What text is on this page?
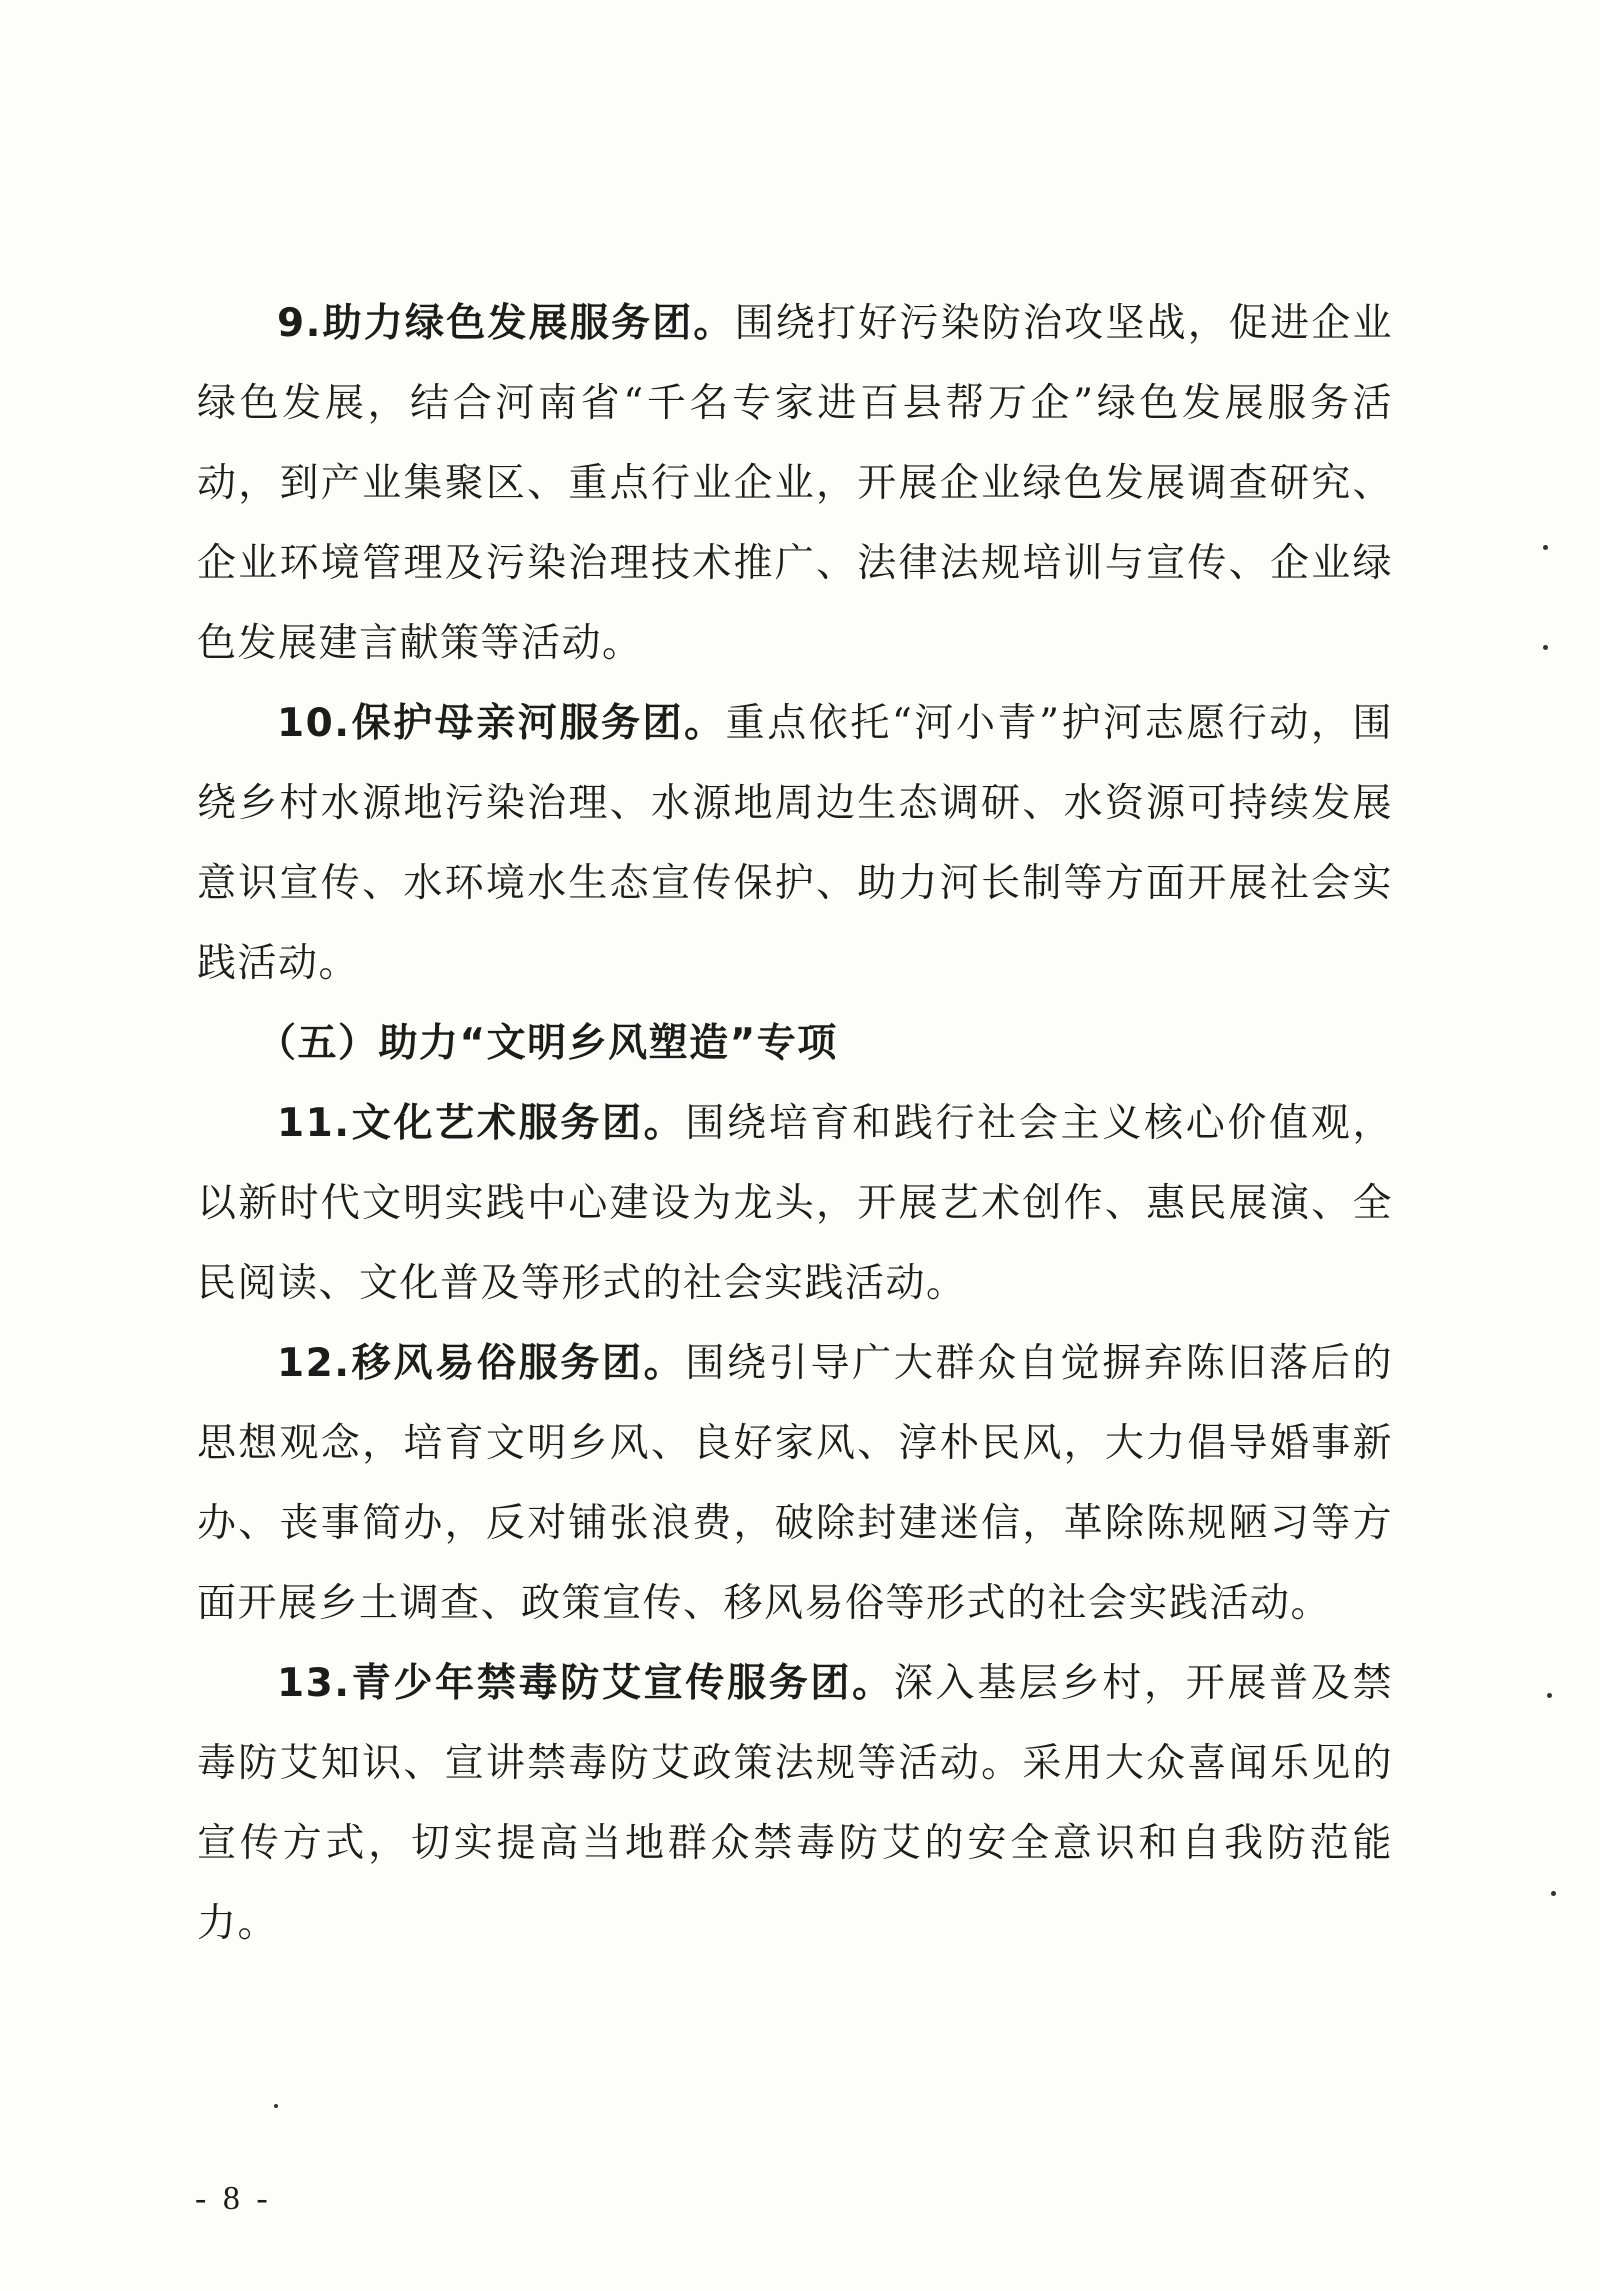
9.助力绿色发展服务团。围绕打好污染防治攻坚战，促进企业绿色发展，结合河南省“千名专家进百县帮万企”绿色发展服务活动，到产业集聚区、重点行业企业，开展企业绿色发展调查研究、企业环境管理及污染治理技术推广、法律法规培训与宣传、企业绿色发展建言献策等活动。

10.保护母亲河服务团。重点依托“河小青”护河志愿行动，围绕乡村水源地污染治理、水源地周边生态调研、水资源可持续发展意识宣传、水环境水生态宣传保护、助力河长制等方面开展社会实践活动。

（五）助力“文明乡风塑造”专项

11.文化艺术服务团。围绕培育和践行社会主义核心价值观，以新时代文明实践中心建设为龙头，开展艺术创作、惠民展演、全民阅读、文化普及等形式的社会实践活动。

12.移风易俗服务团。围绕引导广大群众自觉摒弃陈旧落后的思想观念，培育文明乡风、良好家风、淳朴民风，大力倡导婚事新办、丧事简办，反对铺张浪费，破除封建迷信，革除陈规陋习等方面开展乡土调查、政策宣传、移风易俗等形式的社会实践活动。

13.青少年禁毒防艾宣传服务团。深入基层乡村，开展普及禁毒防艾知识、宣讲禁毒防艾政策法规等活动。采用大众喜闻乐见的宣传方式，切实提高当地群众禁毒防艾的安全意识和自我防范能力。

- 8 -
